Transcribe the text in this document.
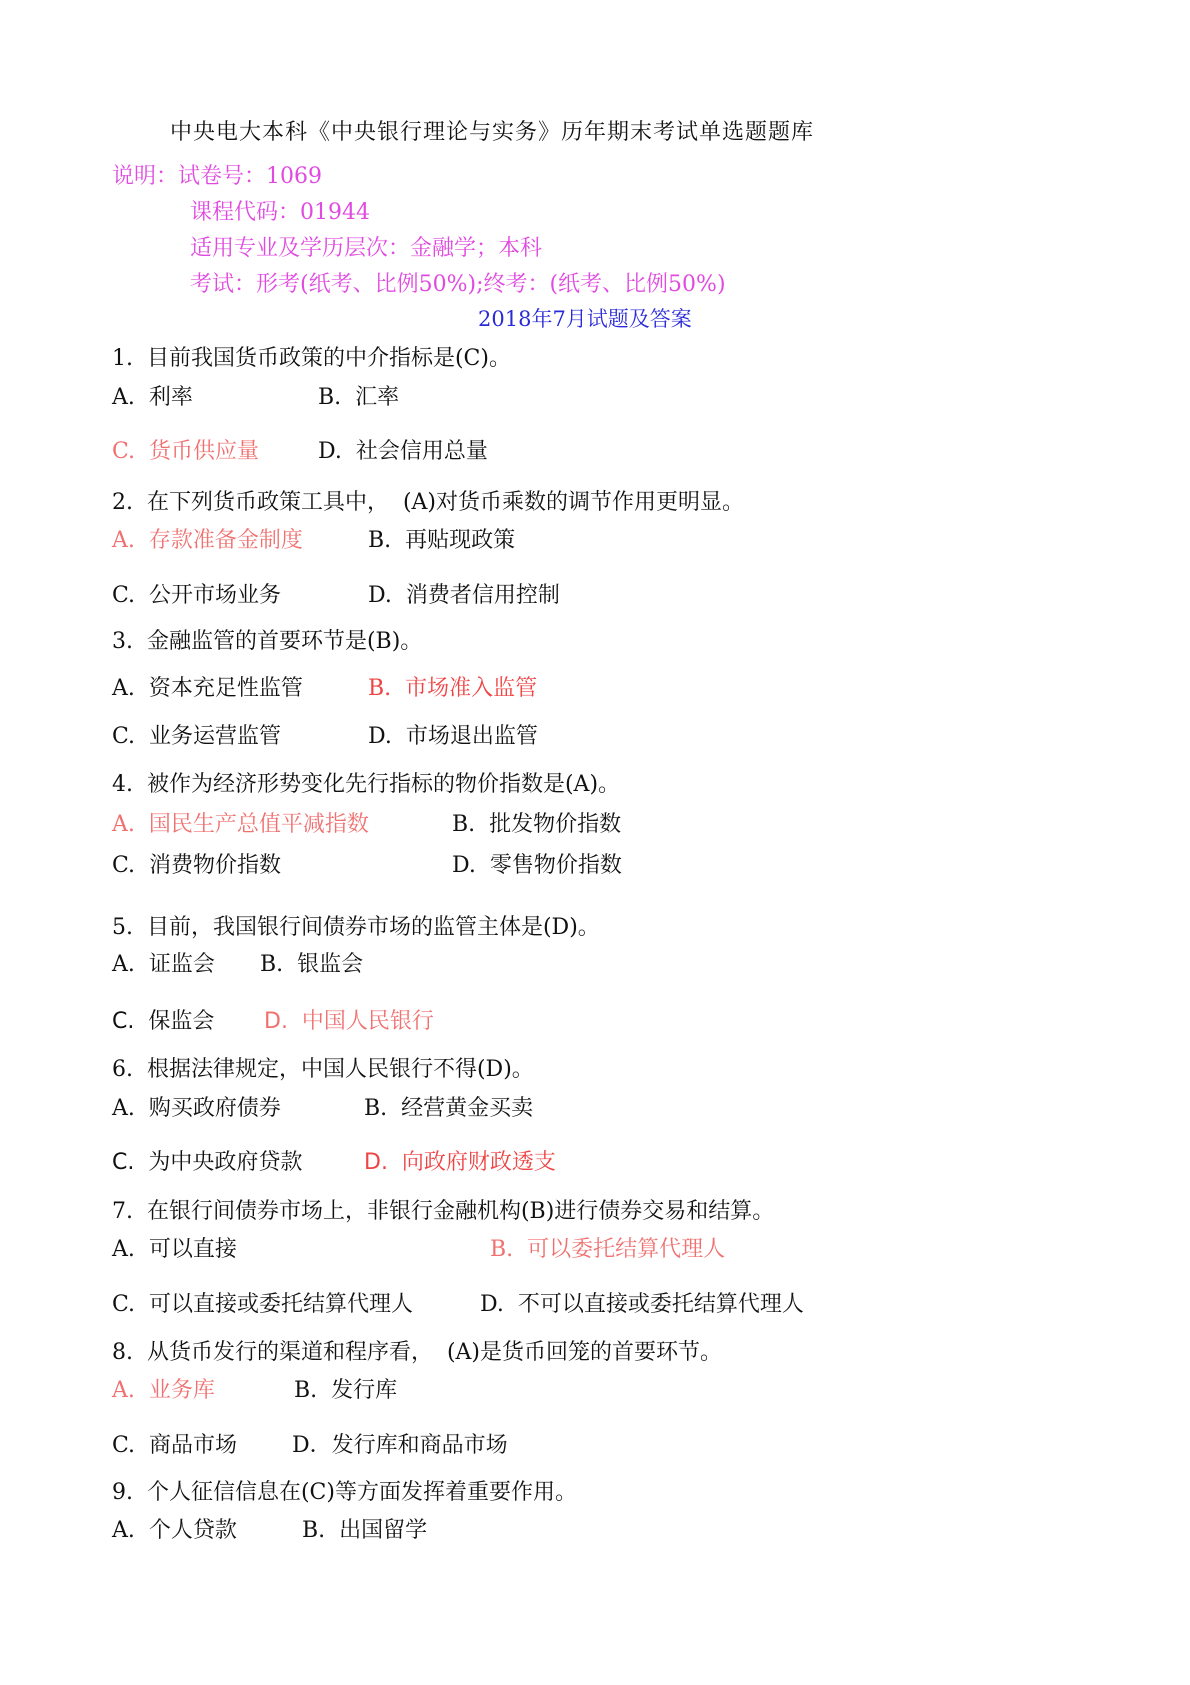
中央电大本科《中央银行理论与实务》历年期末考试单选题题库
说明：试卷号：1069
课程代码：01944
适用专业及学历层次：金融学；本科
考试：形考(纸考、比例50%);终考：(纸考、比例50%)
2018年7月试题及答案
1.  目前我国货币政策的中介指标是(C)。
A.  利率	B.  汇率
C.  货币供应量	D.  社会信用总量
2.  在下列货币政策工具中，  (A)对货币乘数的调节作用更明显。
A.  存款准备金制度	B.  再贴现政策
C.  公开市场业务	D.  消费者信用控制
3.  金融监管的首要环节是(B)。
A.  资本充足性监管	B.  市场准入监管
C.  业务运营监管	D.  市场退出监管
4.  被作为经济形势变化先行指标的物价指数是(A)。
A.  国民生产总值平减指数	B.  批发物价指数
C.  消费物价指数	D.  零售物价指数
5.  目前，我国银行间债券市场的监管主体是(D)。
A.  证监会 B.  银监会
C.  保监会 D.  中国人民银行
6.  根据法律规定，中国人民银行不得(D)。
A.  购买政府债券	B.  经营黄金买卖
C.  为中央政府贷款	D.  向政府财政透支
7.  在银行间债券市场上，非银行金融机构(B)进行债券交易和结算。
A.  可以直接	B.  可以委托结算代理人
C.  可以直接或委托结算代理人	D.  不可以直接或委托结算代理人
8.  从货币发行的渠道和程序看，  (A)是货币回笼的首要环节。
A.  业务库	B.  发行库
C.  商品市场 D．发行库和商品市场
9.  个人征信信息在(C)等方面发挥着重要作用。
A.  个人贷款	B.  出国留学
